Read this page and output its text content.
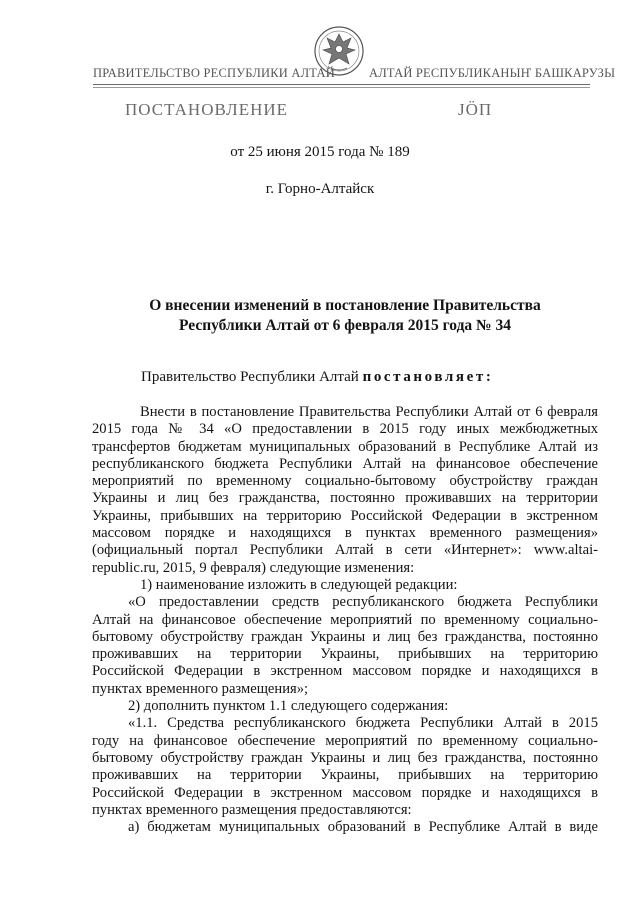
ПРАВИТЕЛЬСТВО РЕСПУБЛИКИ АЛТАЙ	АЛТАЙ РЕСПУБЛИКАНЫҤ БАШКАРУЗЫ
ПОСТАНОВЛЕНИЕ	JÖП
от 25 июня 2015 года № 189
г. Горно-Алтайск
О внесении изменений в постановление Правительства
Республики Алтай от 6 февраля 2015 года № 34
Правительство Республики Алтай постановляет:
Внести в постановление Правительства Республики Алтай от 6 февраля
2015 года № 34 «О предоставлении в 2015 году иных межбюджетных
трансфертов бюджетам муниципальных образований в Республике Алтай из
республиканского бюджета Республики Алтай на финансовое обеспечение
мероприятий по временному социально-бытовому обустройству граждан
Украины и лиц без гражданства, постоянно проживавших на территории
Украины, прибывших на территорию Российской Федерации в экстренном
массовом порядке и находящихся в пунктах временного размещения»
(официальный портал Республики Алтай в сети «Интернет»: www.altai-
republic.ru, 2015, 9 февраля) следующие изменения:
1) наименование изложить в следующей редакции:
«О предоставлении средств республиканского бюджета Республики
Алтай на финансовое обеспечение мероприятий по временному социально-
бытовому обустройству граждан Украины и лиц без гражданства, постоянно
проживавших на территории Украины, прибывших на территорию
Российской Федерации в экстренном массовом порядке и находящихся в
пунктах временного размещения»;
2) дополнить пунктом 1.1 следующего содержания:
«1.1. Средства республиканского бюджета Республики Алтай в 2015
году на финансовое обеспечение мероприятий по временному социально-
бытовому обустройству граждан Украины и лиц без гражданства, постоянно
проживавших на территории Украины, прибывших на территорию
Российской Федерации в экстренном массовом порядке и находящихся в
пунктах временного размещения предоставляются:
а) бюджетам муниципальных образований в Республике Алтай в виде
